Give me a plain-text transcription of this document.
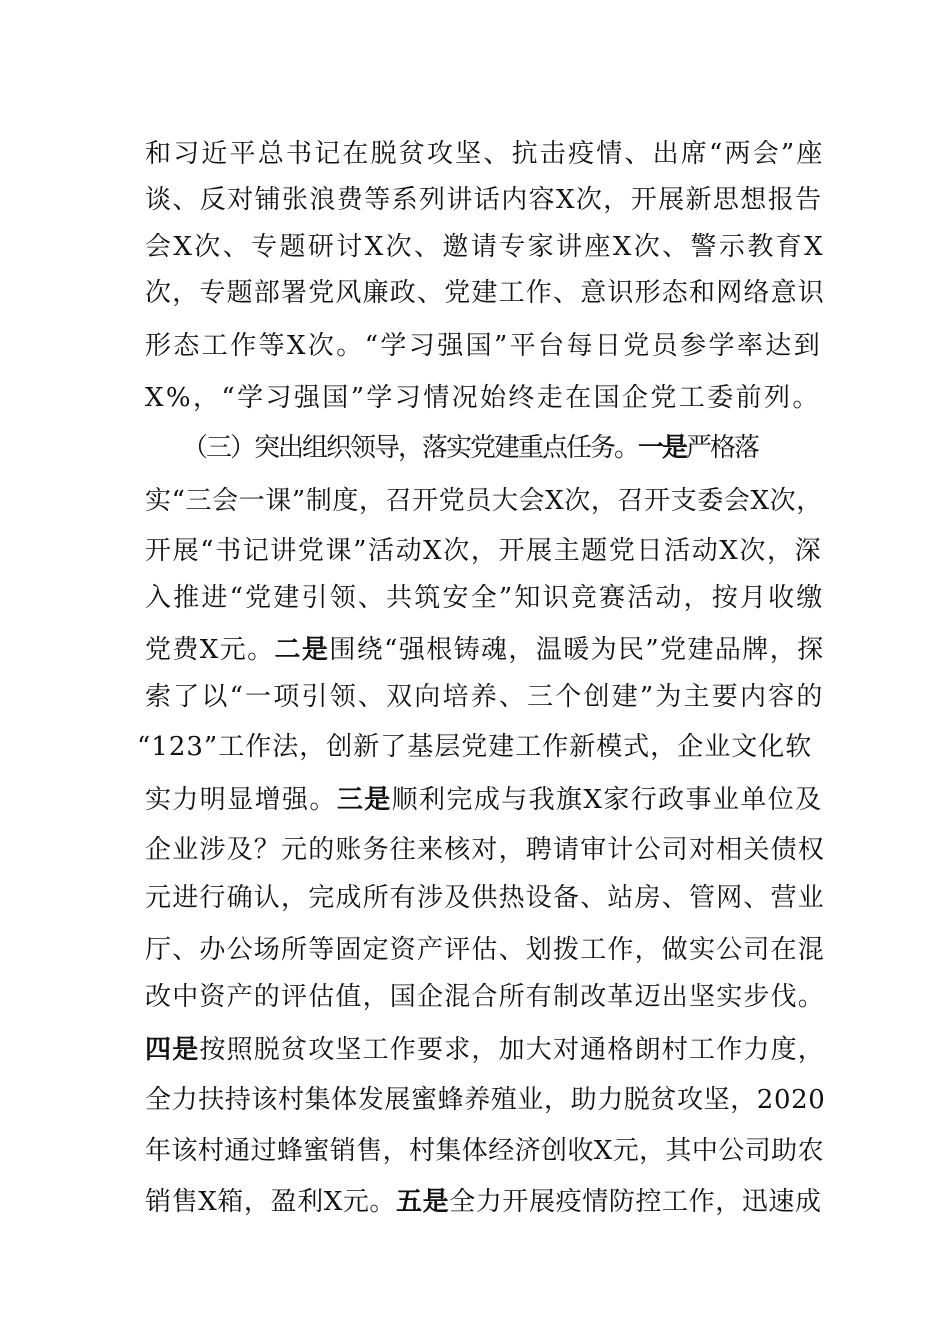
和习近平总书记在脱贫攻坚、抗击疫情、出席“两会”座
谈、反对铺张浪费等系列讲话内容X次，开展新思想报告
会X次、专题研讨X次、邀请专家讲座X次、警示教育X
次，专题部署党风廉政、党建工作、意识形态和网络意识
形态工作等X次。“学习强国”平台每日党员参学率达到
X%，“学习强国”学习情况始终走在国企党工委前列。
（三）突出组织领导，落实党建重点任务。一是严格落
实“三会一课”制度，召开党员大会X次，召开支委会X次，
开展“书记讲党课”活动X次，开展主题党日活动X次，深
入推进“党建引领、共筑安全”知识竞赛活动，按月收缴
党费X元。二是围绕“强根铸魂，温暖为民”党建品牌，探
索了以“一项引领、双向培养、三个创建”为主要内容的
“123”工作法，创新了基层党建工作新模式，企业文化软
实力明显增强。三是顺利完成与我旗X家行政事业单位及
企业涉及？元的账务往来核对，聘请审计公司对相关债权
元进行确认，完成所有涉及供热设备、站房、管网、营业
厅、办公场所等固定资产评估、划拨工作，做实公司在混
改中资产的评估值，国企混合所有制改革迈出坚实步伐。
四是按照脱贫攻坚工作要求，加大对通格朗村工作力度，
全力扶持该村集体发展蜜蜂养殖业，助力脱贫攻坚，2020
年该村通过蜂蜜销售，村集体经济创收X元，其中公司助农
销售X箱，盈利X元。五是全力开展疫情防控工作，迅速成
